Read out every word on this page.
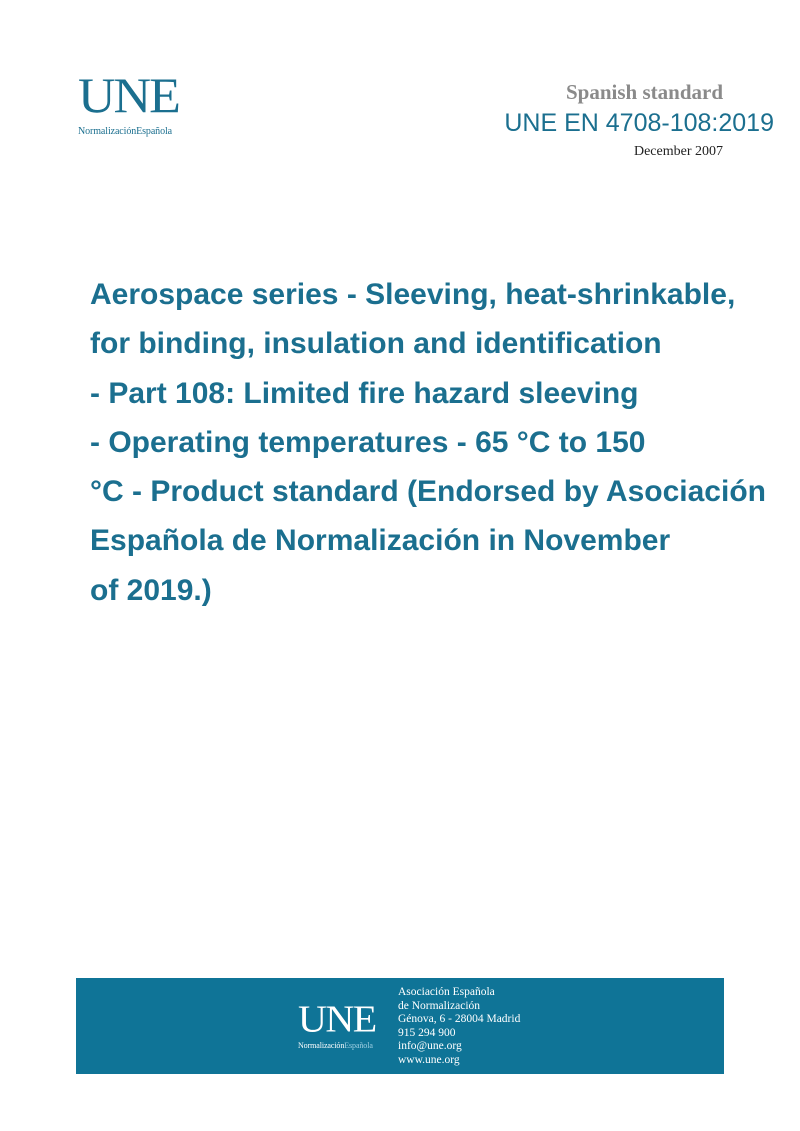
UNE
NormalizaciónEspañola
Spanish standard
UNE EN 4708-108:2019
December 2007
Aerospace series - Sleeving, heat-shrinkable,
for binding, insulation and identification
- Part 108: Limited fire hazard sleeving
- Operating temperatures - 65 °C to 150
°C - Product standard (Endorsed by Asociación
Española de Normalización in November
of 2019.)
UNE
NormalizaciónEspañola
Asociación Española
de Normalización
Génova, 6 - 28004 Madrid
915 294 900
info@une.org
www.une.org
